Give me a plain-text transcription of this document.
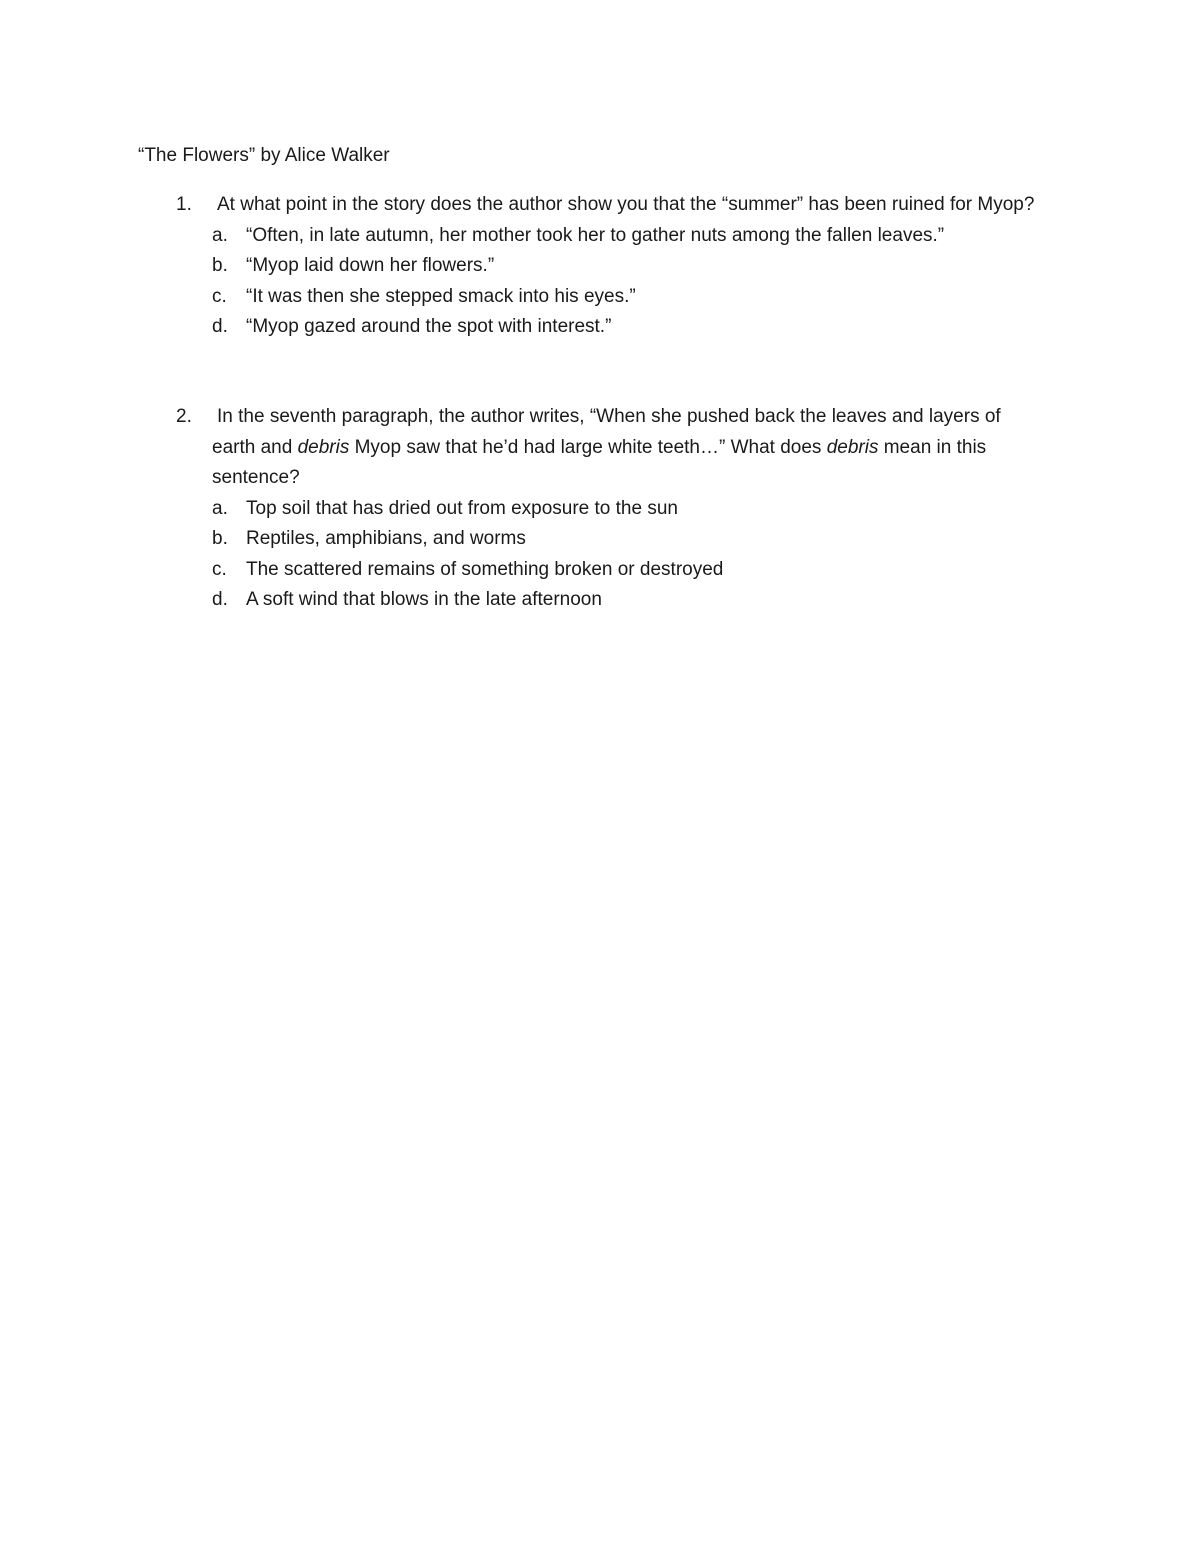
“The Flowers” by Alice Walker
1.	At what point in the story does the author show you that the “summer” has been ruined for Myop?

a. “Often, in late autumn, her mother took her to gather nuts among the fallen leaves.”
b. “Myop laid down her flowers.”
c. “It was then she stepped smack into his eyes.”
d. “Myop gazed around the spot with interest.”
2.	In the seventh paragraph, the author writes, “When she pushed back the leaves and layers of earth and debris Myop saw that he’d had large white teeth…” What does debris mean in this sentence?

a. Top soil that has dried out from exposure to the sun
b. Reptiles, amphibians, and worms
c. The scattered remains of something broken or destroyed
d. A soft wind that blows in the late afternoon
